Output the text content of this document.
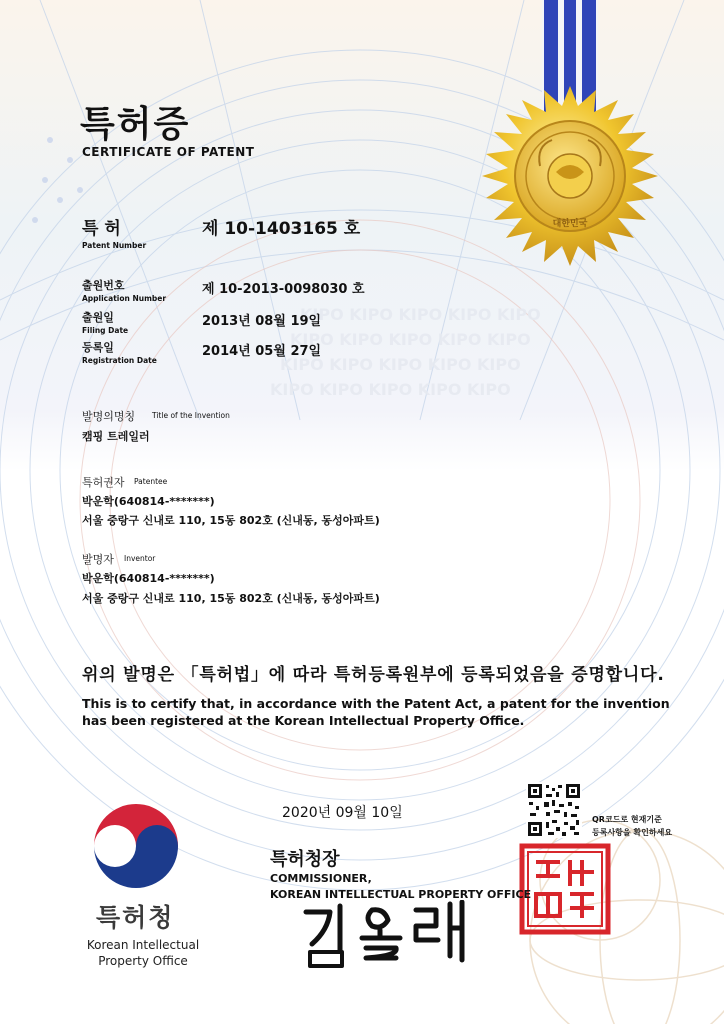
KIPO KIPO KIPO KIPO KIPO
KIPO KIPO KIPO KIPO KIPO
KIPO KIPO KIPO KIPO KIPO
KIPO KIPO KIPO KIPO KIPO
대한민국
특허증
CERTIFICATE OF PATENT
특 허
Patent Number
제 10-1403165 호
출원번호
Application Number
제 10-2013-0098030 호
출원일
Filing Date
2013년 08월 19일
등록일
Registration Date
2014년 05월 27일
발명의명칭 Title of the Invention
캠핑 트레일러
특허권자 Patentee
박운학(640814-*******)
서울 중랑구 신내로 110, 15동 802호 (신내동, 동성아파트)
발명자 Inventor
박운학(640814-*******)
서울 중랑구 신내로 110, 15동 802호 (신내동, 동성아파트)
위의 발명은 「특허법」에 따라 특허등록원부에 등록되었음을 증명합니다.
This is to certify that, in accordance with the Patent Act, a patent for the invention has been registered at the Korean Intellectual Property Office.
2020년 09월 10일
특허청장
COMMISSIONER,
KOREAN INTELLECTUAL PROPERTY OFFICE
QR코드로 현재기준
등록사항을 확인하세요
특허청
Korean Intellectual
Property Office
